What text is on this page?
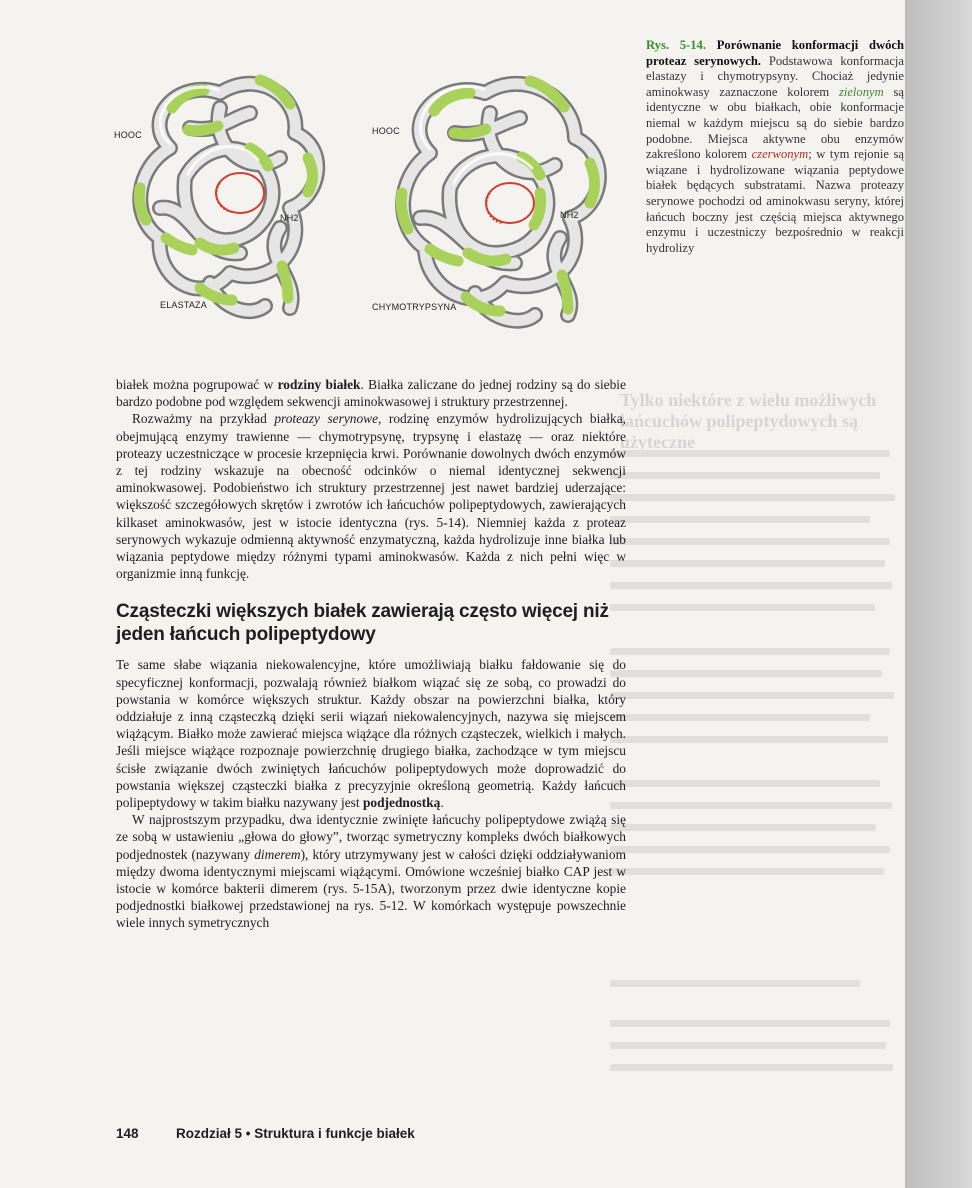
Tylko niektóre z wielu możliwych łańcuchów polipeptydowych są użyteczne
HOOC
NH2
ELASTAZA
HOOC
NH2
CHYMOTRYPSYNA
Rys. 5-14. Porównanie konformacji dwóch proteaz serynowych. Podstawowa konformacja elastazy i chymotrypsyny. Chociaż jedynie aminokwasy zaznaczone kolorem zielonym są identyczne w obu białkach, obie konformacje niemal w każdym miejscu są do siebie bardzo podobne. Miejsca aktywne obu enzymów zakreślono kolorem czerwonym; w tym rejonie są wiązane i hydrolizowane wiązania peptydowe białek będących substratami. Nazwa proteazy serynowe pochodzi od aminokwasu seryny, której łańcuch boczny jest częścią miejsca aktywnego enzymu i uczestniczy bezpośrednio w reakcji hydrolizy

białek można pogrupować w rodziny białek. Białka zaliczane do jednej rodziny są do siebie bardzo podobne pod względem sekwencji aminokwasowej i struktury przestrzennej.

Rozważmy na przykład proteazy serynowe, rodzinę enzymów hydrolizujących białka, obejmującą enzymy trawienne — chymotrypsynę, trypsynę i elastazę — oraz niektóre proteazy uczestniczące w procesie krzepnięcia krwi. Porównanie dowolnych dwóch enzymów z tej rodziny wskazuje na obecność odcinków o niemal identycznej sekwencji aminokwasowej. Podobieństwo ich struktury przestrzennej jest nawet bardziej uderzające: większość szczegółowych skrętów i zwrotów ich łańcuchów polipeptydowych, zawierających kilkaset aminokwasów, jest w istocie identyczna (rys. 5-14). Niemniej każda z proteaz serynowych wykazuje odmienną aktywność enzymatyczną, każda hydrolizuje inne białka lub wiązania peptydowe między różnymi typami aminokwasów. Każda z nich pełni więc w organizmie inną funkcję.

Cząsteczki większych białek zawierają często więcej niż jeden łańcuch polipeptydowy

Te same słabe wiązania niekowalencyjne, które umożliwiają białku fałdowanie się do specyficznej konformacji, pozwalają również białkom wiązać się ze sobą, co prowadzi do powstania w komórce większych struktur. Każdy obszar na powierzchni białka, który oddziałuje z inną cząsteczką dzięki serii wiązań niekowalencyjnych, nazywa się miejscem wiążącym. Białko może zawierać miejsca wiążące dla różnych cząsteczek, wielkich i małych. Jeśli miejsce wiążące rozpoznaje powierzchnię drugiego białka, zachodzące w tym miejscu ścisłe związanie dwóch zwiniętych łańcuchów polipeptydowych może doprowadzić do powstania większej cząsteczki białka z precyzyjnie określoną geometrią. Każdy łańcuch polipeptydowy w takim białku nazywany jest podjednostką.

W najprostszym przypadku, dwa identycznie zwinięte łańcuchy polipeptydowe zwiążą się ze sobą w ustawieniu „głowa do głowy”, tworząc symetryczny kompleks dwóch białkowych podjednostek (nazywany dimerem), który utrzymywany jest w całości dzięki oddziaływaniom między dwoma identycznymi miejscami wiążącymi. Omówione wcześniej białko CAP jest w istocie w komórce bakterii dimerem (rys. 5-15A), tworzonym przez dwie identyczne kopie podjednostki białkowej przedstawionej na rys. 5-12. W komórkach występuje powszechnie wiele innych symetrycznych

148	Rozdział 5 • Struktura i funkcje białek
